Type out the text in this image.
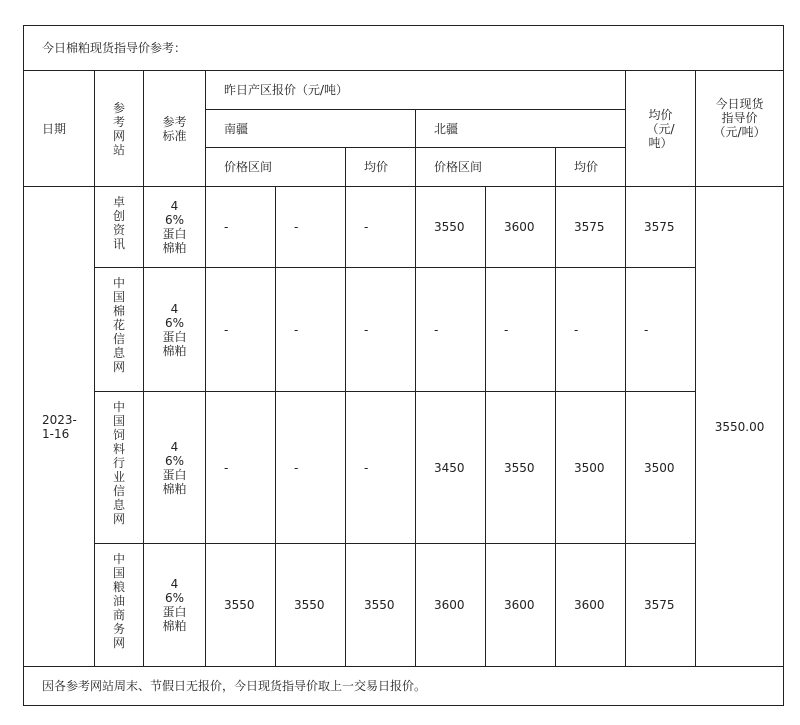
今日棉粕现货指导价参考：										
日期	参考网站	参考标准	昨日产区报价（元/吨）						均价（元/吨）	今日现货指导价（元/吨）
			南疆			北疆				
			价格区间		均价	价格区间		均价		
2023-1-16	卓创资讯	46%蛋白棉粕	-	-	-	3550	3600	3575	3575	3550.00
	中国棉花信息网	46%蛋白棉粕	-	-	-	-	-	-	-	
	中国饲料行业信息网	46%蛋白棉粕	-	-	-	3450	3550	3500	3500	
	中国粮油商务网	46%蛋白棉粕	3550	3550	3550	3600	3600	3600	3575	
因各参考网站周末、节假日无报价，今日现货指导价取上一交易日报价。										
